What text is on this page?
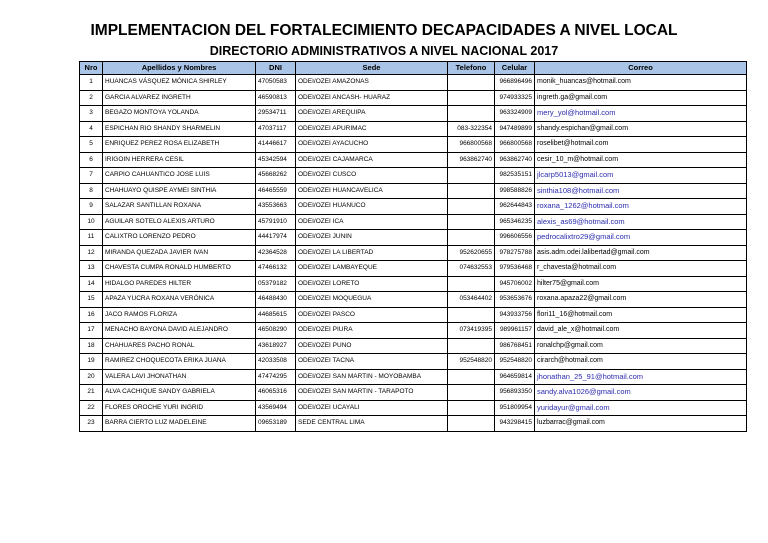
IMPLEMENTACION DEL FORTALECIMIENTO DECAPACIDADES A NIVEL LOCAL
DIRECTORIO ADMINISTRATIVOS A NIVEL NACIONAL 2017
Nro	Apellidos y Nombres	DNI	Sede	Telefono	Celular	Correo
1	HUANCAS VÁSQUEZ MÓNICA SHIRLEY	47050583	ODEI/OZEI AMAZONAS		966896496	monik_huancas@hotmail.com
2	GARCIA ALVAREZ INGRETH	46590813	ODEI/OZEI ANCASH- HUARAZ		974933325	ingreth.ga@gmail.com
3	BEGAZO MONTOYA YOLANDA	29534711	ODEI/OZEI AREQUIPA		963324909	mery_yol@hotmail.com
4	ESPICHAN RIO SHANDY SHARMELIN	47037117	ODEI/OZEI APURIMAC	083-322354	947489899	shandy.espichan@gmail.com
5	ENRIQUEZ PEREZ ROSA ELIZABETH	41446617	ODEI/OZEI AYACUCHO	966800568	966800568	roselibet@hotmail.com
6	IRIGOIN HERRERA CESIL	45342594	ODEI/OZEI CAJAMARCA	963862740	963862740	cesir_10_m@hotmail.com
7	CARPIO CAHUANTICO JOSE LUIS	45668262	ODEI/OZEI CUSCO		982535151	jlcarp5013@gmail.com
8	CHAHUAYO QUISPE AYMEI SINTHIA	46465559	ODEI/OZEI HUANCAVELICA		998588826	sinthia108@hotmail.com
9	SALAZAR SANTILLAN ROXANA	43553663	ODEI/OZEI HUANUCO		962644843	roxana_1262@hotmail.com
10	AGUILAR SOTELO ALEXIS ARTURO	45791910	ODEI/OZEI ICA		965346235	alexis_as69@hotmail.com
11	CALIXTRO LORENZO PEDRO	44417974	ODEI/OZEI JUNIN		996606556	pedrocalixtro29@gmail.com
12	MIRANDA QUEZADA JAVIER IVAN	42364528	ODEI/OZEI LA LIBERTAD	952620655	978275788	asis.adm.odei.lalibertad@gmail.com
13	CHAVESTA CUMPA RONALD HUMBERTO	47466132	ODEI/OZEI LAMBAYEQUE	074632553	979536468	r_chavesta@hotmail.com
14	HIDALGO PAREDES HILTER	05379182	ODEI/OZEI LORETO		945706002	hilter75@gmail.com
15	APAZA YUCRA ROXANA VERÓNICA	46488430	ODEI/OZEI MOQUEGUA	053464402	953653676	roxana.apaza22@gmail.com
16	JACO RAMOS FLORIZA	44685615	ODEI/OZEI PASCO		943933756	flori11_16@hotmail.com
17	MENACHO BAYONA DAVID ALEJANDRO	46508290	ODEI/OZEI PIURA	073419395	989961157	david_ale_x@hotmail.com
18	CHAHUARES PACHO RONAL	43618927	ODEI/OZEI PUNO		986768451	ronalchp@gmail.com
19	RAMIREZ CHOQUECOTA ERIKA JUANA	42033508	ODEI/OZEI TACNA	952548820	952548820	cirarch@hotmail.com
20	VALERA LAVI JHONATHAN	47474295	ODEI/OZEI SAN MARTIN - MOYOBAMBA		964659814	jhonathan_25_91@hotmail.com
21	ALVA CACHIQUE SANDY GABRIELA	46065316	ODEI/OZEI SAN MARTIN - TARAPOTO		956893350	sandy.alva1026@gmail.com
22	FLORES OROCHE YURI INGRID	43569494	ODEI/OZEI UCAYALI		951809954	yuridayur@gmail.com
23	BARRA CIERTO LUZ MADELEINE	09653189	SEDE CENTRAL LIMA		943298415	luzbarrac@gmail.com
